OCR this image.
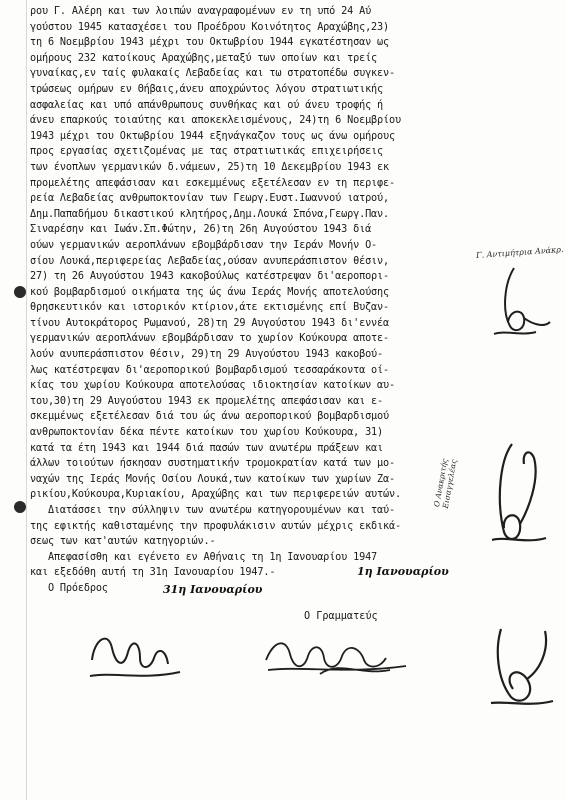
ρου Γ. Αλέρη και των λοιπών αναγραφομένων εν τη υπό 24 Αύ
γούστου 1945 κατασχέσει του Προέδρου Κοινότητος Αραχώβης,23)
τη 6 Νοεμβρίου 1943 μέχρι του Οκτωβρίου 1944 εγκατέστησαν ως
ομήρους 232 κατοίκους Αραχώβης,μεταξύ των οποίων και τρείς
γυναίκας,εν ταίς φυλακαίς Λεβαδείας και τω στρατοπέδω συγκεν-
τρώσεως ομήρων εν Θήβαις,άνευ αποχρώντος λόγου στρατιωτικής
ασφαλείας και υπό απάνθρωπους συνθήκας και ού άνευ τροφής ή
άνευ επαρκούς τοιαύτης και αποκεκλεισμένους, 24)τη 6 Νοεμβρίου
1943 μέχρι του Οκτωβρίου 1944 εξηνάγκαζον τους ως άνω ομήρους
προς εργασίας σχετιζομένας με τας στρατιωτικάς επιχειρήσεις
των ένοπλων γερμανικών δ.νάμεων, 25)τη 10 Δεκεμβρίου 1943 εκ
προμελέτης απεφάσισαν και εσκεμμένως εξετέλεσαν εν τη περιφε-
ρεία Λεβαδείας ανθρωποκτονίαν των Γεωργ.Ευστ.Ιωαννού ιατρού,
Δημ.Παπαδήμου δικαστικού κλητήρος,Δημ.Λουκά Σπόνα,Γεωργ.Παν.
Σιναρέσην και Ιωάν.Σπ.Φώτην, 26)τη 26η Αυγούστου 1943 διά
ούων γερμανικών αεροπλάνων εβομβάρδισαν την Ιεράν Μονήν Ο-
σίου Λουκά,περιφερείας Λεβαδείας,ούσαν ανυπεράσπιστον θέσιν,
27) τη 26 Αυγούστου 1943 κακοβούλως κατέστρεψαν δι'αεροπορι-
κού βομβαρδισμού οικήματα της ώς άνω Ιεράς Μονής αποτελούσης
θρησκευτικόν και ιστορικόν κτίριον,άτε εκτισμένης επί Βυζαν-
τίνου Αυτοκράτορος Ρωμανού, 28)τη 29 Αυγούστου 1943 δι'εννέα
γερμανικών αεροπλάνων εβομβάρδισαν το χωρίον Κούκουρα αποτε-
λούν ανυπεράσπιστον θέσιν, 29)τη 29 Αυγούστου 1943 κακοβού-
λως κατέστρεψαν δι'αεροπορικού βομβαρδισμού τεσσαράκοντα οί-
κίας του χωρίου Κούκουρα αποτελούσας ιδιοκτησίαν κατοίκων αυ-
του,30)τη 29 Αυγούστου 1943 εκ προμελέτης απεφάσισαν και ε-
σκεμμένως εξετέλεσαν διά του ώς άνω αεροπορικού βομβαρδισμού
ανθρωποκτονίαν δέκα πέντε κατοίκων του χωρίου Κούκουρα, 31)
κατά τα έτη 1943 και 1944 διά πασών των ανωτέρω πράξεων και
άλλων τοιούτων ήσκησαν συστηματικήν τρομοκρατίαν κατά των μο-
ναχών της Ιεράς Μονής Οσίου Λουκά,των κατοίκων των χωρίων Ζα-
ρικίου,Κούκουρα,Κυριακίου, Αραχώβης και των περιφερειών αυτών.
Διατάσσει την σύλληψιν των ανωτέρω κατηγορουμένων και ταύ-
της εφικτής καθισταμένης την προφυλάκισιν αυτών μέχρις εκδικά-
σεως των κατ'αυτών κατηγοριών.-
Απεφασίσθη και εγένετο εν Αθήναις τη 1η Ιανουαρίου 1947
και εξεδόθη αυτή τη 31η Ιανουαρίου 1947.-
Ο Πρόεδρος
1η Ιανουαρίου
31η Ιανουαρίου
Ο Γραμματεύς
Γ. Αντιμήτρια Ανάκρ.
Ο Ανακριτής Εισαγγελέας
